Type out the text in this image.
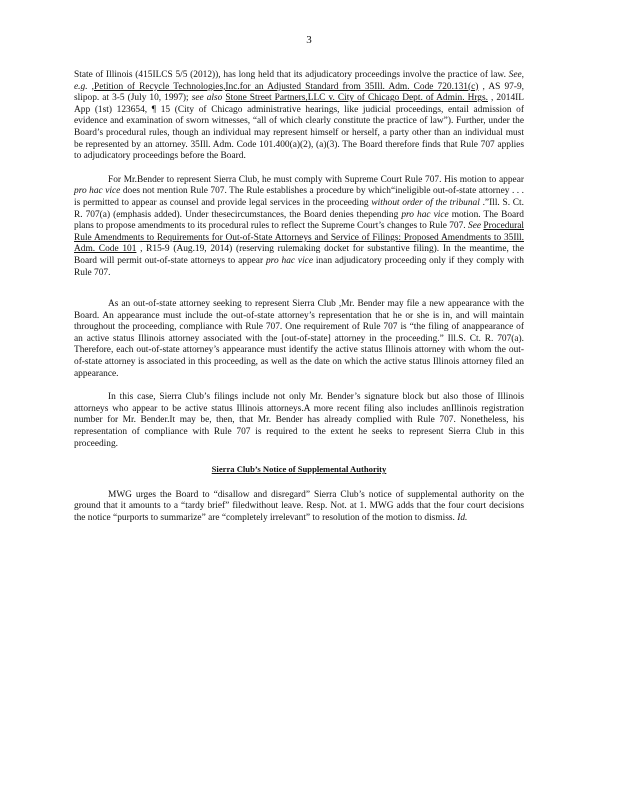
3

State of Illinois (415ILCS 5/5 (2012)), has long held that its adjudicatory proceedings involve the practice of law. See, e.g. ,Petition of Recycle Technologies,Inc.for an Adjusted Standard from 35Ill. Adm. Code 720.131(c) , AS 97-9, slipop. at 3-5 (July 10, 1997); see also Stone Street Partners,LLC v. City of Chicago Dept. of Admin. Hrgs. , 2014IL App (1st) 123654, ¶ 15 (City of Chicago administrative hearings, like judicial proceedings, entail admission of evidence and examination of sworn witnesses, “all of which clearly constitute the practice of law”). Further, under the Board’s procedural rules, though an individual may represent himself or herself, a party other than an individual must be represented by an attorney. 35Ill. Adm. Code 101.400(a)(2), (a)(3). The Board therefore finds that Rule 707 applies to adjudicatory proceedings before the Board.

For Mr.Bender to represent Sierra Club, he must comply with Supreme Court Rule 707. His motion to appear pro hac vice does not mention Rule 707. The Rule establishes a procedure by which“ineligible out-of-state attorney . . . is permitted to appear as counsel and provide legal services in the proceeding without order of the tribunal .”Ill. S. Ct. R. 707(a) (emphasis added). Under thesecircumstances, the Board denies thepending pro hac vice motion. The Board plans to propose amendments to its procedural rules to reflect the Supreme Court’s changes to Rule 707. See Procedural Rule Amendments to Requirements for Out-of-State Attorneys and Service of Filings: Proposed Amendments to 35Ill. Adm. Code 101 , R15-9 (Aug.19, 2014) (reserving rulemaking docket for substantive filing). In the meantime, the Board will permit out-of-state attorneys to appear pro hac vice inan adjudicatory proceeding only if they comply with Rule 707.

As an out-of-state attorney seeking to represent Sierra Club ,Mr. Bender may file a new appearance with the Board. An appearance must include the out-of-state attorney’s representation that he or she is in, and will maintain throughout the proceeding, compliance with Rule 707. One requirement of Rule 707 is “the filing of anappearance of an active status Illinois attorney associated with the [out-of-state] attorney in the proceeding.” Ill.S. Ct. R. 707(a). Therefore, each out-of-state attorney’s appearance must identify the active status Illinois attorney with whom the out-of-state attorney is associated in this proceeding, as well as the date on which the active status Illinois attorney filed an appearance.

In this case, Sierra Club’s filings include not only Mr. Bender’s signature block but also those of Illinois attorneys who appear to be active status Illinois attorneys.A more recent filing also includes anIllinois registration number for Mr. Bender.It may be, then, that Mr. Bender has already complied with Rule 707. Nonetheless, his representation of compliance with Rule 707 is required to the extent he seeks to represent Sierra Club in this proceeding.

Sierra Club’s Notice of Supplemental Authority

MWG urges the Board to “disallow and disregard” Sierra Club’s notice of supplemental authority on the ground that it amounts to a “tardy brief” filedwithout leave. Resp. Not. at 1. MWG adds that the four court decisions the notice “purports to summarize” are “completely irrelevant” to resolution of the motion to dismiss. Id.
